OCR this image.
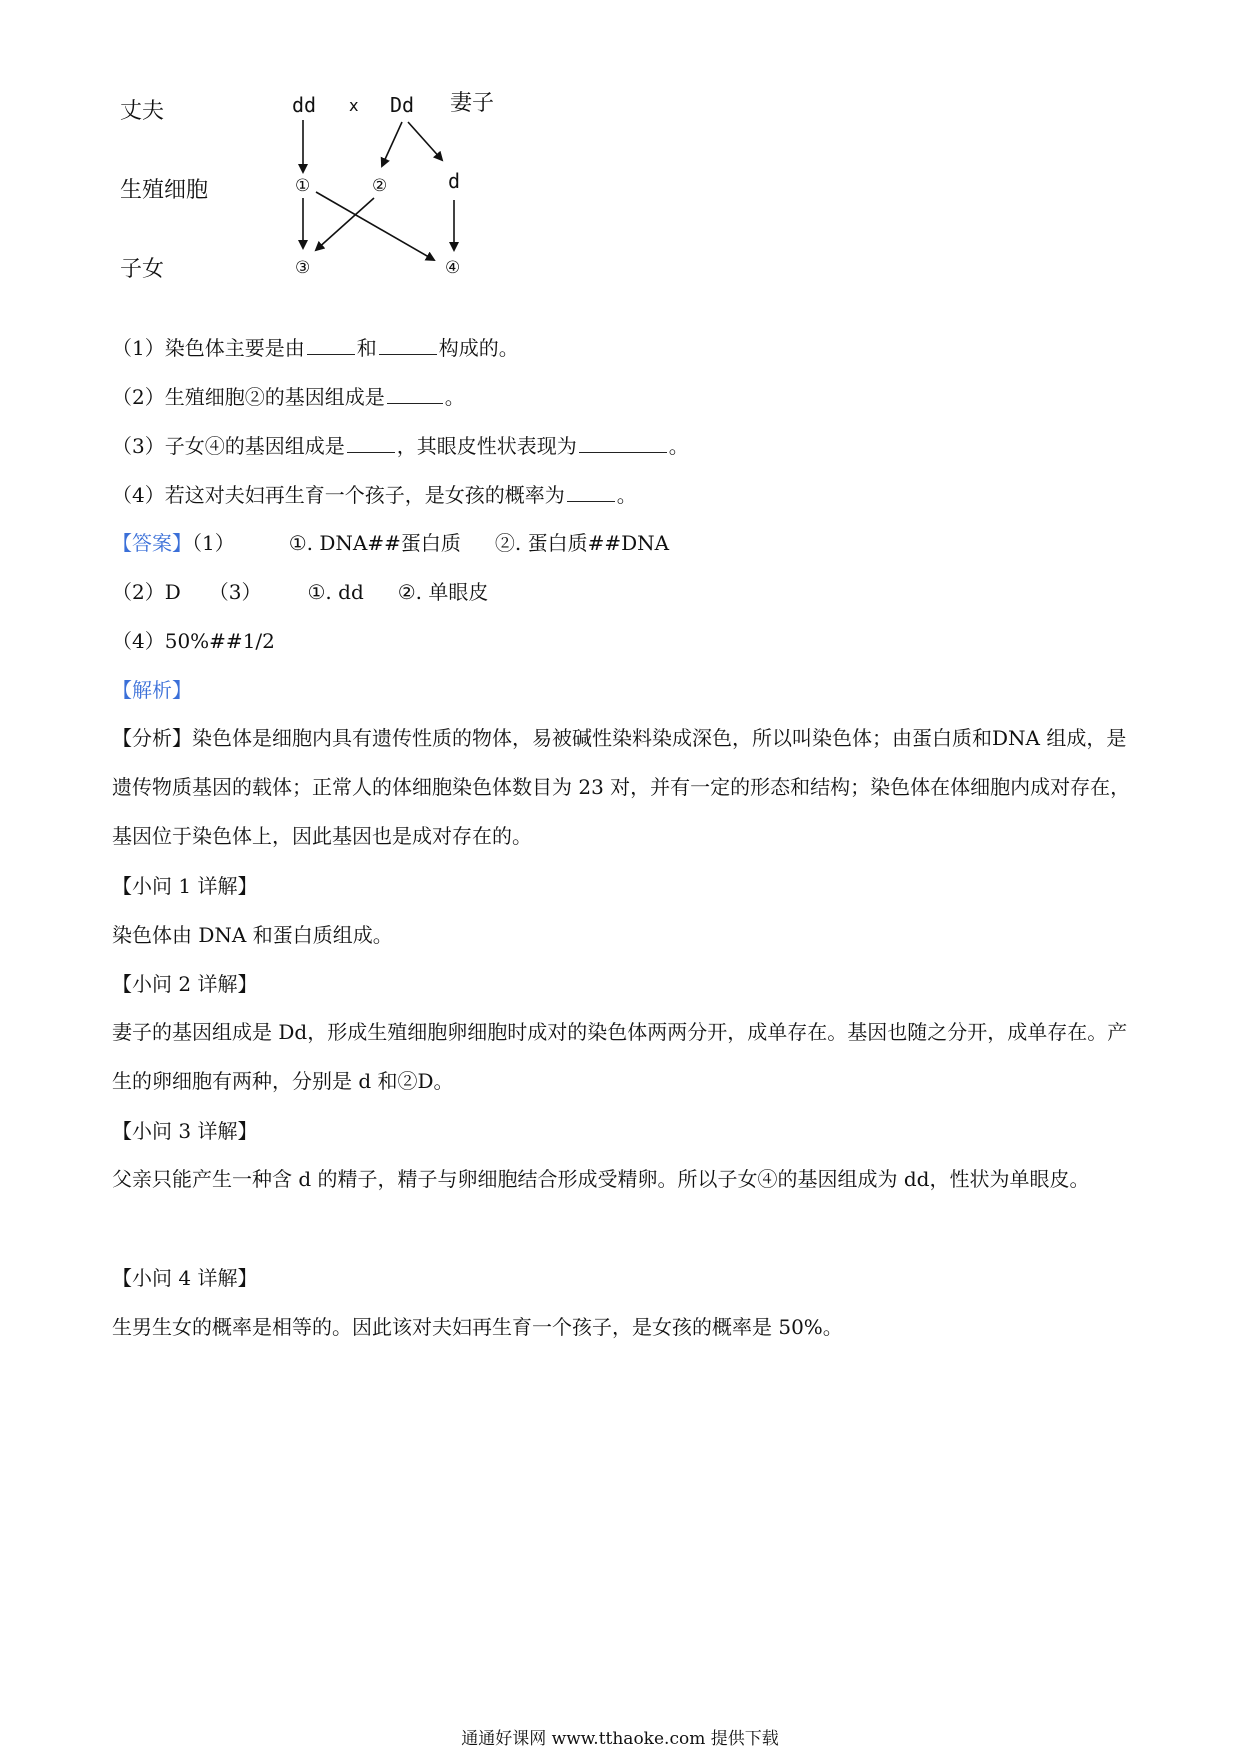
丈夫
生殖细胞
子女
dd x Dd 妻子
①	②	d
③	④
（1）染色体主要是由	和	构成的。
（2）生殖细胞②的基因组成是	。
（3）子女④的基因组成是	，其眼皮性状表现为	。
（4）若这对夫妇再生育一个孩子，是女孩的概率为	。
【答案】（1）	①. DNA##蛋白质 ②. 蛋白质##DNA
（2）D （3） ①. dd ②. 单眼皮
（4）50%##1/2
【解析】
【分析】染色体是细胞内具有遗传性质的物体，易被碱性染料染成深色，所以叫染色体；由蛋白质和DNA 组成，是遗传物质基因的载体；正常人的体细胞染色体数目为 23 对，并有一定的形态和结构；染色体在体细胞内成对存在，基因位于染色体上，因此基因也是成对存在的。
【小问 1 详解】
染色体由 DNA 和蛋白质组成。
【小问 2 详解】
妻子的基因组成是 Dd，形成生殖细胞卵细胞时成对的染色体两两分开，成单存在。基因也随之分开，成单存在。产生的卵细胞有两种，分别是 d 和②D。
【小问 3 详解】
父亲只能产生一种含 d 的精子，精子与卵细胞结合形成受精卵。所以子女④的基因组成为 dd，性状为单眼皮。
【小问 4 详解】
生男生女的概率是相等的。因此该对夫妇再生育一个孩子，是女孩的概率是 50%。
通通好课网 www.tthaoke.com 提供下载
